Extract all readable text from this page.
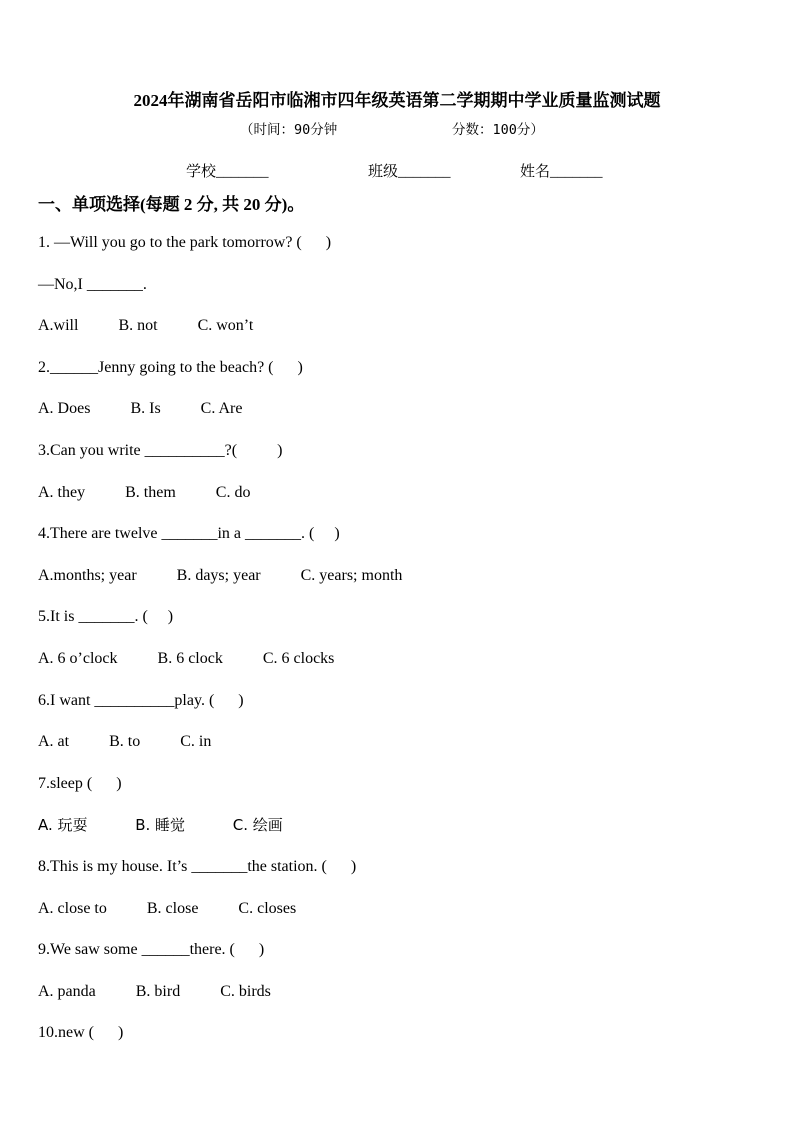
2024年湖南省岳阳市临湘市四年级英语第二学期期中学业质量监测试题
（时间：90分钟	分数：100分）
学校_______	班级_______	姓名_______
一、单项选择(每题 2 分, 共 20 分)。
1. —Will you go to the park tomorrow? (      )
—No,I _______.
A.will          B. not          C. won’t
2.______Jenny going to the beach? (      )
A. Does          B. Is          C. Are
3.Can you write __________?(          )
A. they          B. them          C. do
4.There are twelve _______in a _______. (     )
A.months; year          B. days; year          C. years; month
5.It is _______. (     )
A. 6 o’clock          B. 6 clock          C. 6 clocks
6.I want __________play. (      )
A. at          B. to          C. in
7.sleep (      )
A. 玩耍          B. 睡觉          C. 绘画
8.This is my house. It’s _______the station. (      )
A. close to          B. close          C. closes
9.We saw some ______there. (      )
A. panda          B. bird          C. birds
10.new (      )
